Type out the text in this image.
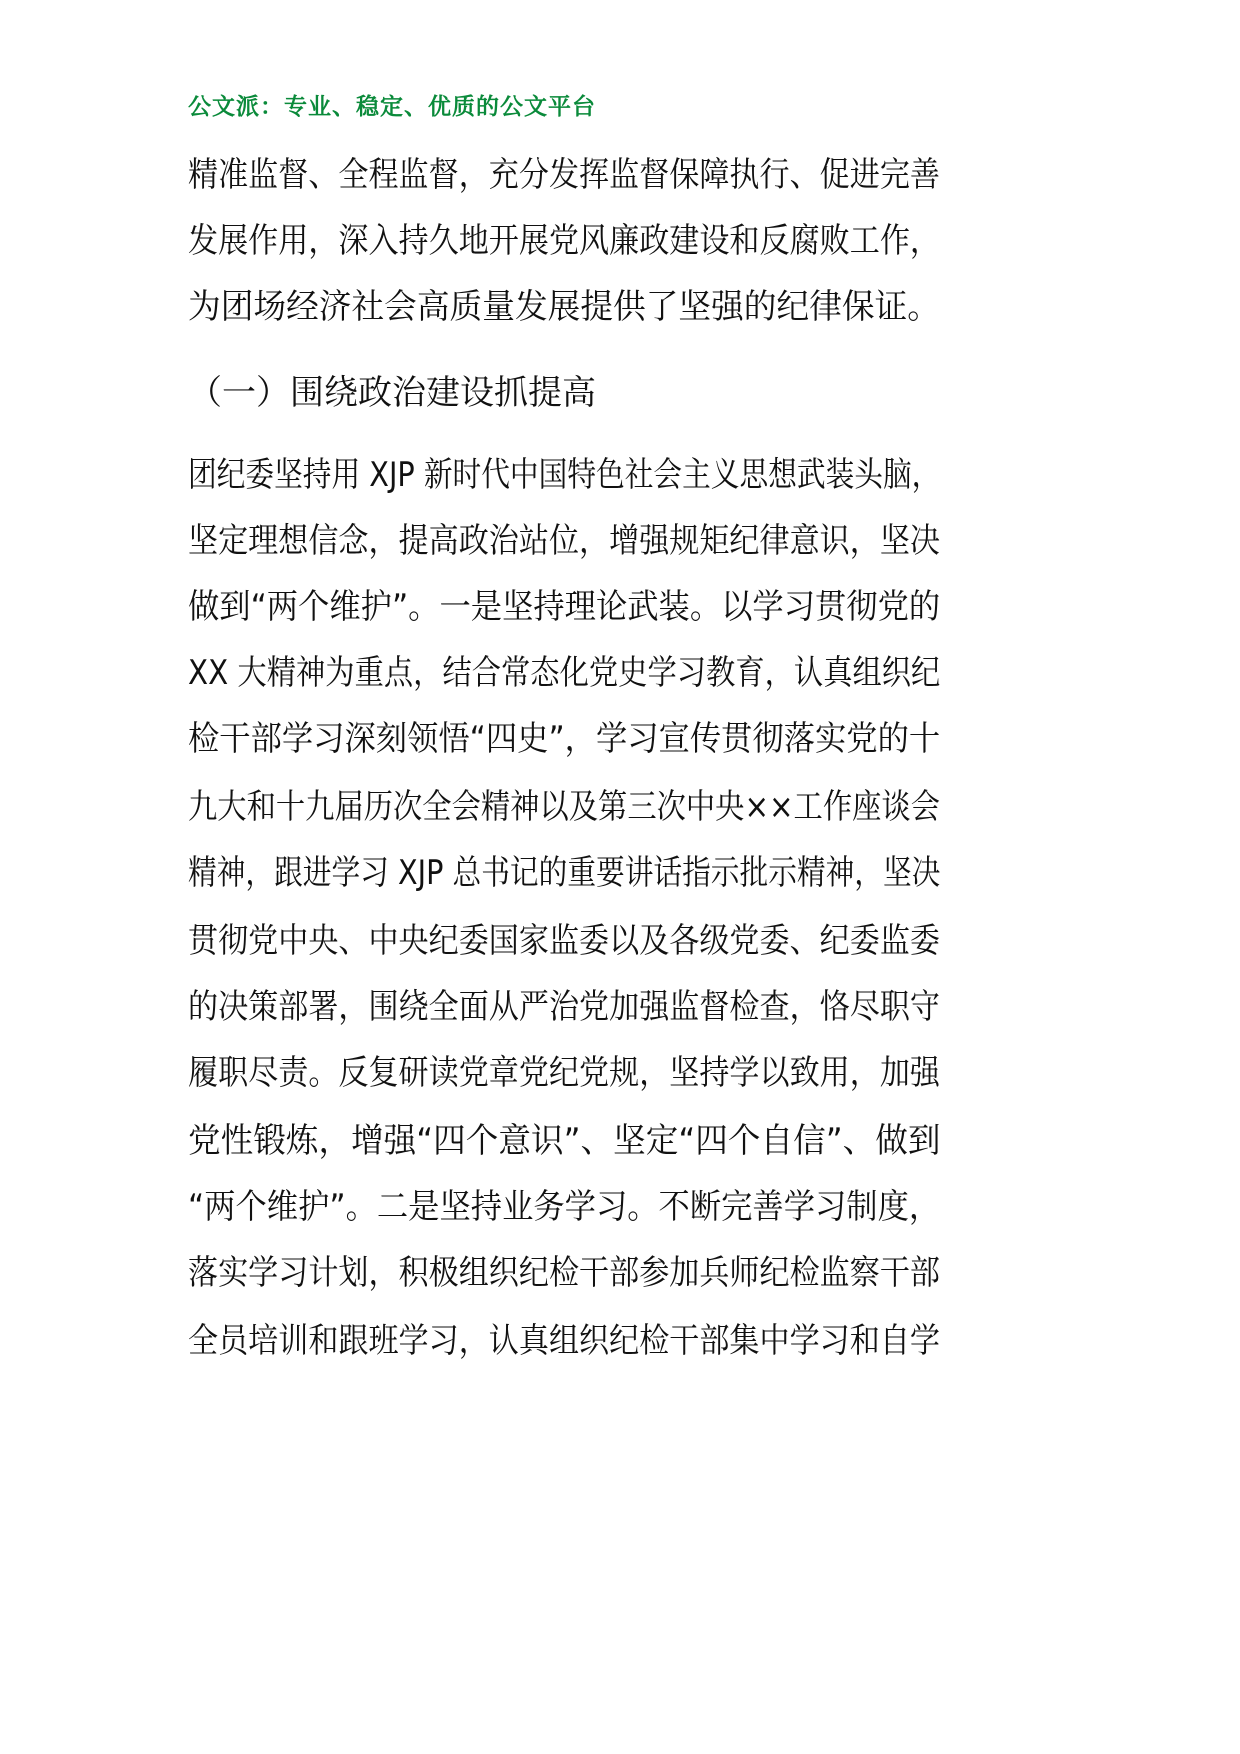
公文派：专业、稳定、优质的公文平台
精准监督、全程监督，充分发挥监督保障执行、促进完善
发展作用，深入持久地开展党风廉政建设和反腐败工作，
为团场经济社会高质量发展提供了坚强的纪律保证。
（一）围绕政治建设抓提高
团纪委坚持用 XJP 新时代中国特色社会主义思想武装头脑，
坚定理想信念，提高政治站位，增强规矩纪律意识，坚决
做到“两个维护”。一是坚持理论武装。以学习贯彻党的
XX 大精神为重点，结合常态化党史学习教育，认真组织纪
检干部学习深刻领悟“四史”，学习宣传贯彻落实党的十
九大和十九届历次全会精神以及第三次中央××工作座谈会
精神，跟进学习 XJP 总书记的重要讲话指示批示精神，坚决
贯彻党中央、中央纪委国家监委以及各级党委、纪委监委
的决策部署，围绕全面从严治党加强监督检查，恪尽职守
履职尽责。反复研读党章党纪党规，坚持学以致用，加强
党性锻炼，增强“四个意识”、坚定“四个自信”、做到
“两个维护”。二是坚持业务学习。不断完善学习制度，
落实学习计划，积极组织纪检干部参加兵师纪检监察干部
全员培训和跟班学习，认真组织纪检干部集中学习和自学
